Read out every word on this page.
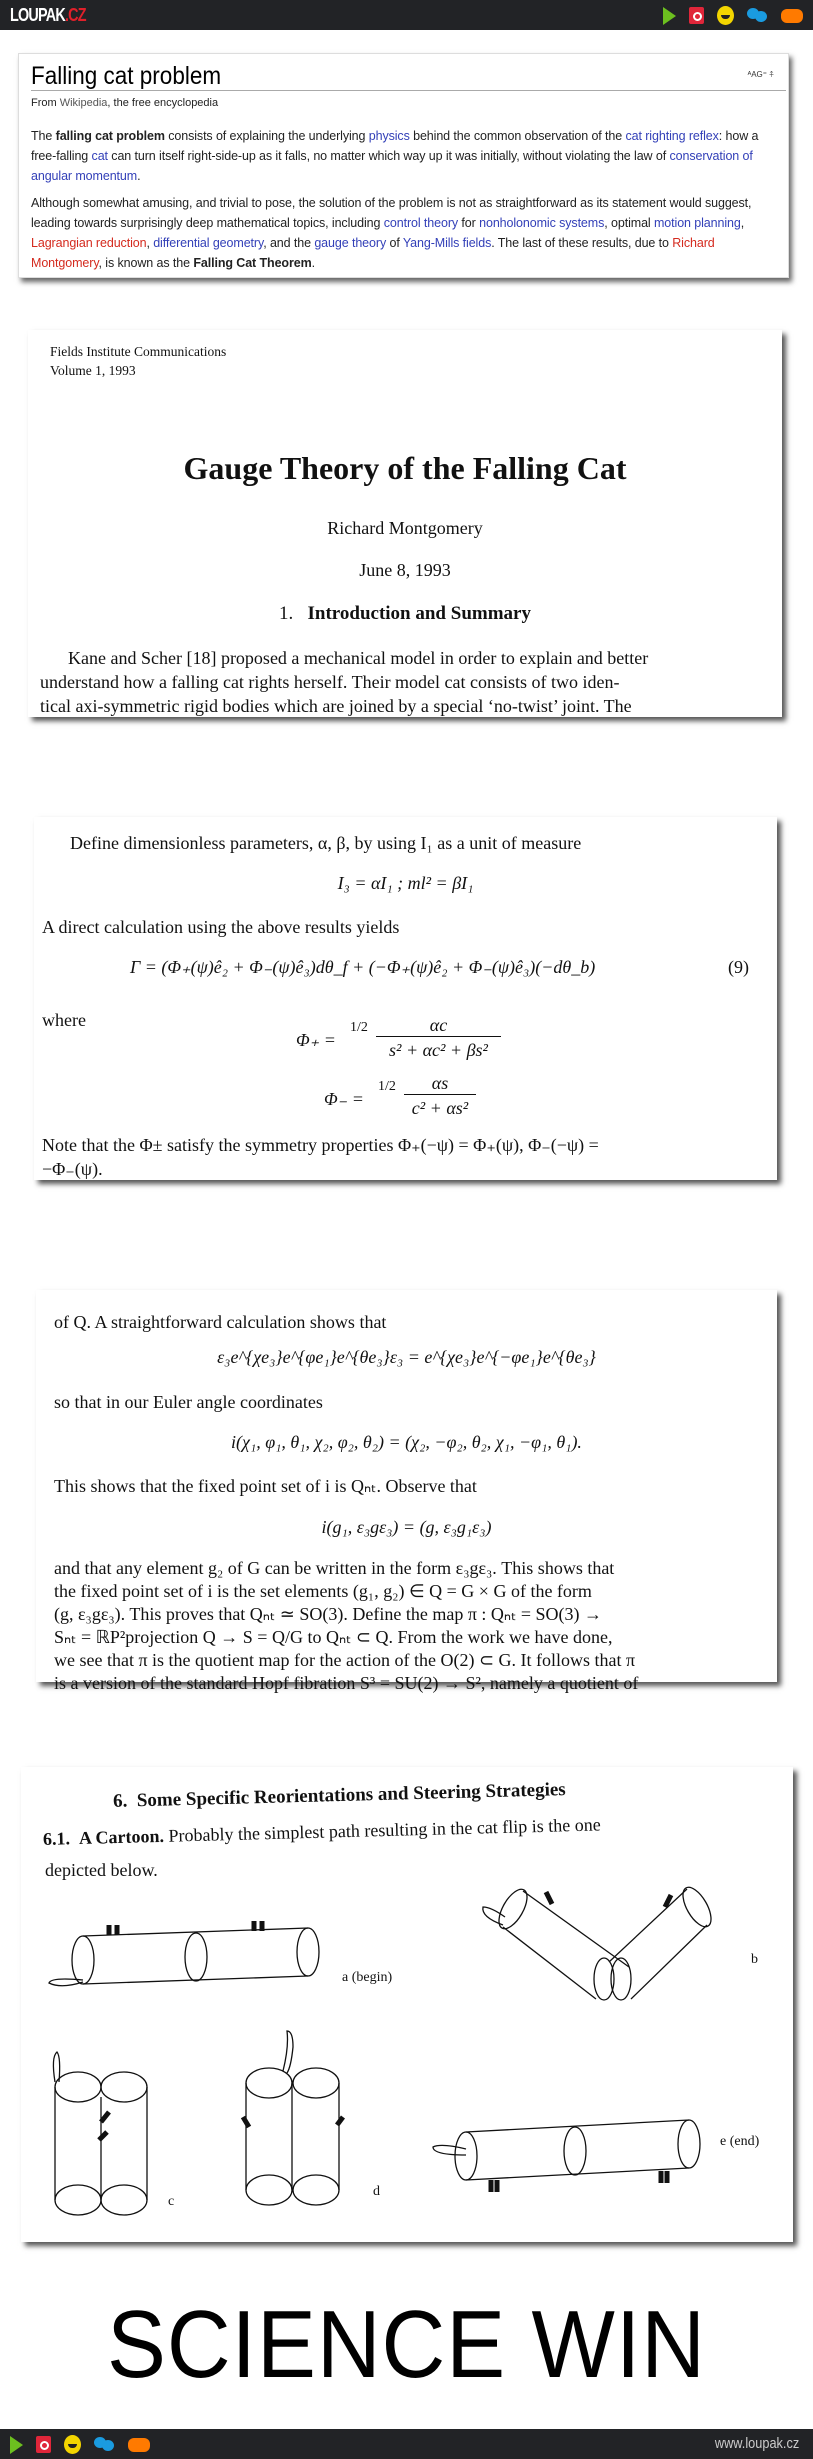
LOUPAK.CZ
Falling cat problem	ᴬAG⁼ ⍏
From Wikipedia, the free encyclopedia

The falling cat problem consists of explaining the underlying physics behind the common observation of the cat righting reflex: how a free-falling cat can turn itself right-side-up as it falls, no matter which way up it was initially, without violating the law of conservation of angular momentum.

Although somewhat amusing, and trivial to pose, the solution of the problem is not as straightforward as its statement would suggest, leading towards surprisingly deep mathematical topics, including control theory for nonholonomic systems, optimal motion planning, Lagrangian reduction, differential geometry, and the gauge theory of Yang-Mills fields. The last of these results, due to Richard Montgomery, is known as the Falling Cat Theorem.

Fields Institute Communications
Volume 1, 1993
Gauge Theory of the Falling Cat
Richard Montgomery
June 8, 1993
1. Introduction and Summary
Kane and Scher [18] proposed a mechanical model in order to explain and better
understand how a falling cat rights herself. Their model cat consists of two iden-
tical axi-symmetric rigid bodies which are joined by a special ‘no-twist’ joint. The
Define dimensionless parameters, α, β, by using I₁ as a unit of measure
I₃ = αI₁ ; ml² = βI₁
A direct calculation using the above results yields
Γ = (Φ₊(ψ)ê₂ + Φ₋(ψ)ê₃)dθ_f + (−Φ₊(ψ)ê₂ + Φ₋(ψ)ê₃)(−dθ_b)	(9)
where
Φ₊ =
1/2	αc
s² + αc² + βs²
Φ₋ =
1/2	αs
c² + αs²
Note that the Φ± satisfy the symmetry properties Φ₊(−ψ) = Φ₊(ψ), Φ₋(−ψ) =
−Φ₋(ψ).
of Q. A straightforward calculation shows that
ε₃e^{χe₃}e^{φe₁}e^{θe₃}ε₃ = e^{χe₃}e^{−φe₁}e^{θe₃}
so that in our Euler angle coordinates
i(χ₁, φ₁, θ₁, χ₂, φ₂, θ₂) = (χ₂, −φ₂, θ₂, χ₁, −φ₁, θ₁).
This shows that the fixed point set of i is Qₙₜ. Observe that
i(g₁, ε₃gε₃) = (g, ε₃g₁ε₃)
and that any element g₂ of G can be written in the form ε₃gε₃. This shows that
the fixed point set of i is the set elements (g₁, g₂) ∈ Q = G × G of the form
(g, ε₃gε₃). This proves that Qₙₜ ≃ SO(3). Define the map π : Qₙₜ = SO(3) →
Sₙₜ = ℝP²projection Q → S = Q/G to Qₙₜ ⊂ Q. From the work we have done,
we see that π is the quotient map for the action of the O(2) ⊂ G. It follows that π
is a version of the standard Hopf fibration S³ = SU(2) → S², namely a quotient of
6. Some Specific Reorientations and Steering Strategies
6.1. A Cartoon. Probably the simplest path resulting in the cat flip is the one
depicted below.
a (begin)
b
c
d
e (end)
SCIENCE WIN
www.loupak.cz
